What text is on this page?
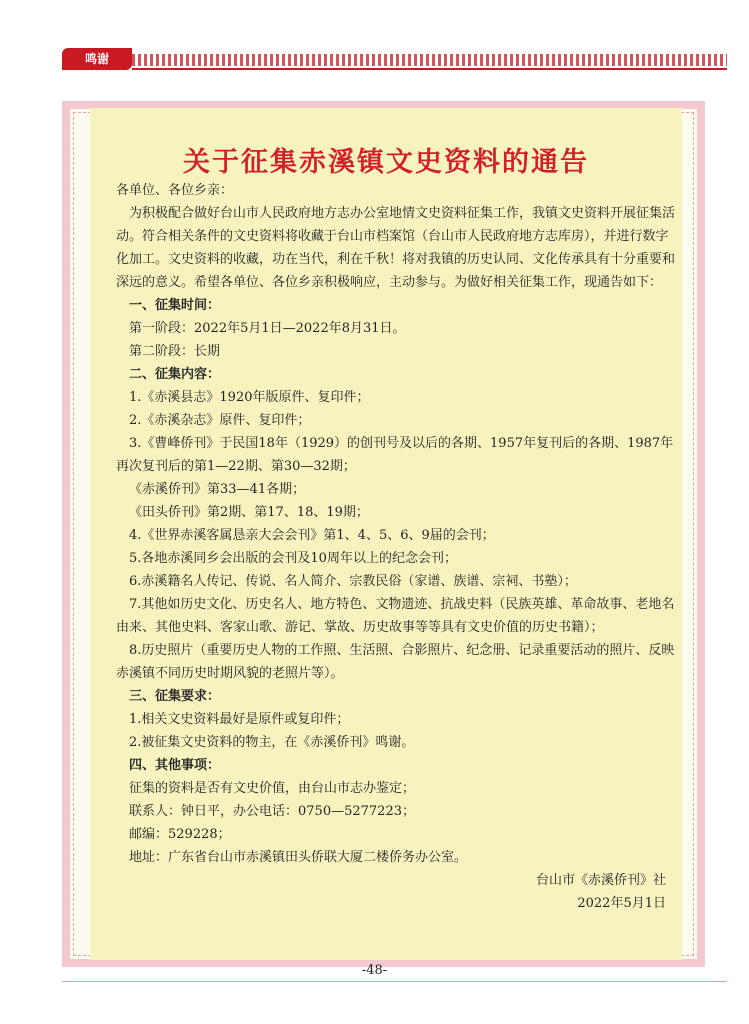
鸣谢
关于征集赤溪镇文史资料的通告

各单位、各位乡亲：

为积极配合做好台山市人民政府地方志办公室地情文史资料征集工作，我镇文史资料开展征集活动。符合相关条件的文史资料将收藏于台山市档案馆（台山市人民政府地方志库房），并进行数字化加工。文史资料的收藏，功在当代，利在千秋！将对我镇的历史认同、文化传承具有十分重要和深远的意义。希望各单位、各位乡亲积极响应，主动参与。为做好相关征集工作，现通告如下：

一、征集时间：

第一阶段：2022年5月1日—2022年8月31日。

第二阶段：长期

二、征集内容：

1.《赤溪县志》1920年版原件、复印件；

2.《赤溪杂志》原件、复印件；

3.《曹峰侨刊》于民国18年（1929）的创刊号及以后的各期、1957年复刊后的各期、1987年再次复刊后的第1—22期、第30—32期；

《赤溪侨刊》第33—41各期；

《田头侨刊》第2期、第17、18、19期；

4.《世界赤溪客属恳亲大会会刊》第1、4、5、6、9届的会刊；

5.各地赤溪同乡会出版的会刊及10周年以上的纪念会刊；

6.赤溪籍名人传记、传说、名人简介、宗教民俗（家谱、族谱、宗祠、书塾）；

7.其他如历史文化、历史名人、地方特色、文物遗迹、抗战史料（民族英雄、革命故事、老地名由来、其他史料、客家山歌、游记、掌故、历史故事等等具有文史价值的历史书籍）；

8.历史照片（重要历史人物的工作照、生活照、合影照片、纪念册、记录重要活动的照片、反映赤溪镇不同历史时期风貌的老照片等）。

三、征集要求：

1.相关文史资料最好是原件或复印件；

2.被征集文史资料的物主，在《赤溪侨刊》鸣谢。

四、其他事项：

征集的资料是否有文史价值，由台山市志办鉴定；

联系人：钟日平，办公电话：0750—5277223；

邮编：529228；

地址：广东省台山市赤溪镇田头侨联大厦二楼侨务办公室。

台山市《赤溪侨刊》社

2022年5月1日

-48-
